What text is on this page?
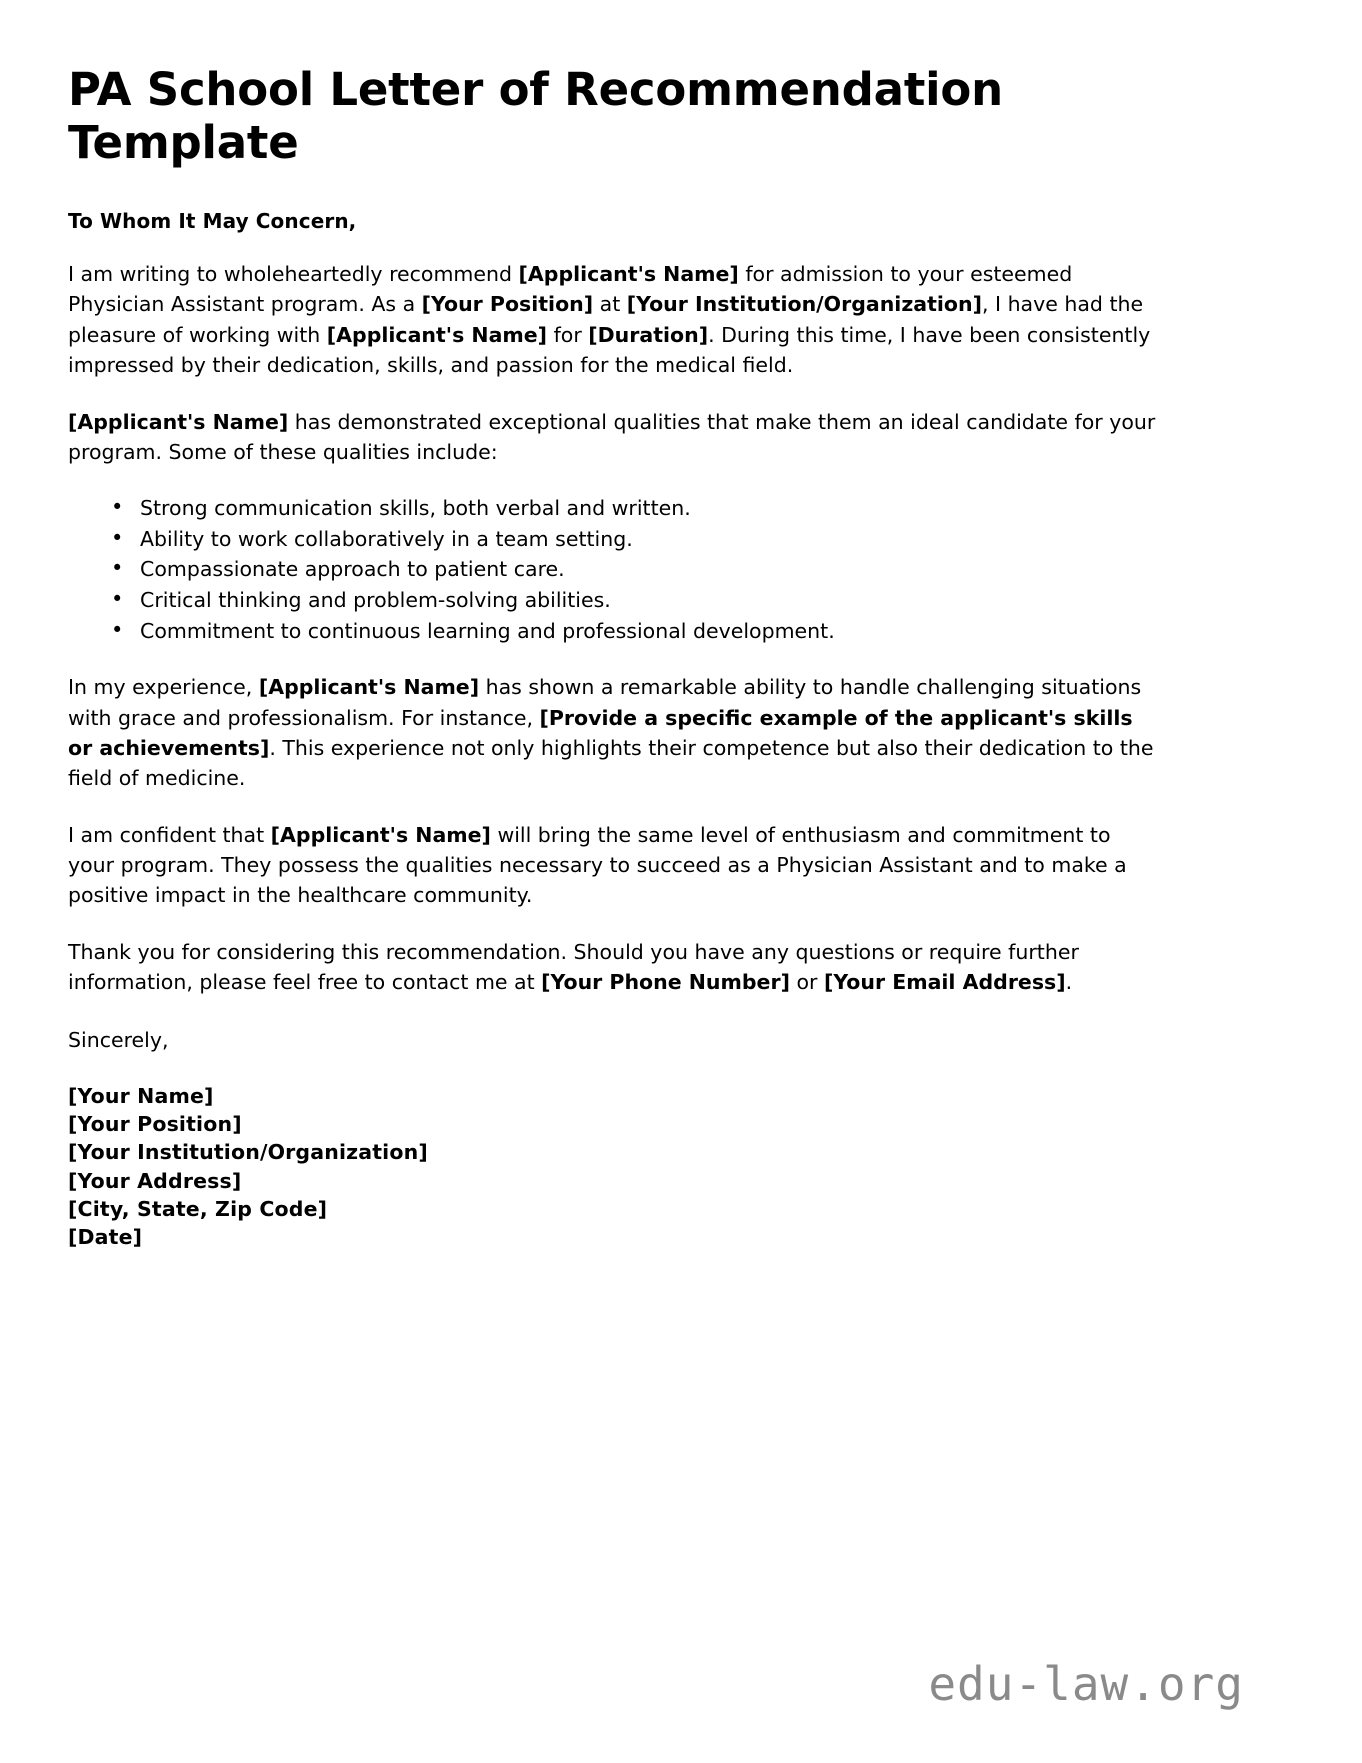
PA School Letter of Recommendation Template
To Whom It May Concern,

I am writing to wholeheartedly recommend [Applicant's Name] for admission to your esteemed Physician Assistant program. As a [Your Position] at [Your Institution/Organization], I have had the pleasure of working with [Applicant's Name] for [Duration]. During this time, I have been consistently impressed by their dedication, skills, and passion for the medical field.

[Applicant's Name] has demonstrated exceptional qualities that make them an ideal candidate for your program. Some of these qualities include:

• Strong communication skills, both verbal and written.
• Ability to work collaboratively in a team setting.
• Compassionate approach to patient care.
• Critical thinking and problem-solving abilities.
• Commitment to continuous learning and professional development.

In my experience, [Applicant's Name] has shown a remarkable ability to handle challenging situations with grace and professionalism. For instance, [Provide a specific example of the applicant's skills or achievements]. This experience not only highlights their competence but also their dedication to the field of medicine.

I am confident that [Applicant's Name] will bring the same level of enthusiasm and commitment to your program. They possess the qualities necessary to succeed as a Physician Assistant and to make a positive impact in the healthcare community.

Thank you for considering this recommendation. Should you have any questions or require further information, please feel free to contact me at [Your Phone Number] or [Your Email Address].

Sincerely,
[Your Name]
[Your Position]
[Your Institution/Organization]
[Your Address]
[City, State, Zip Code]
[Date]
edu-law.org
